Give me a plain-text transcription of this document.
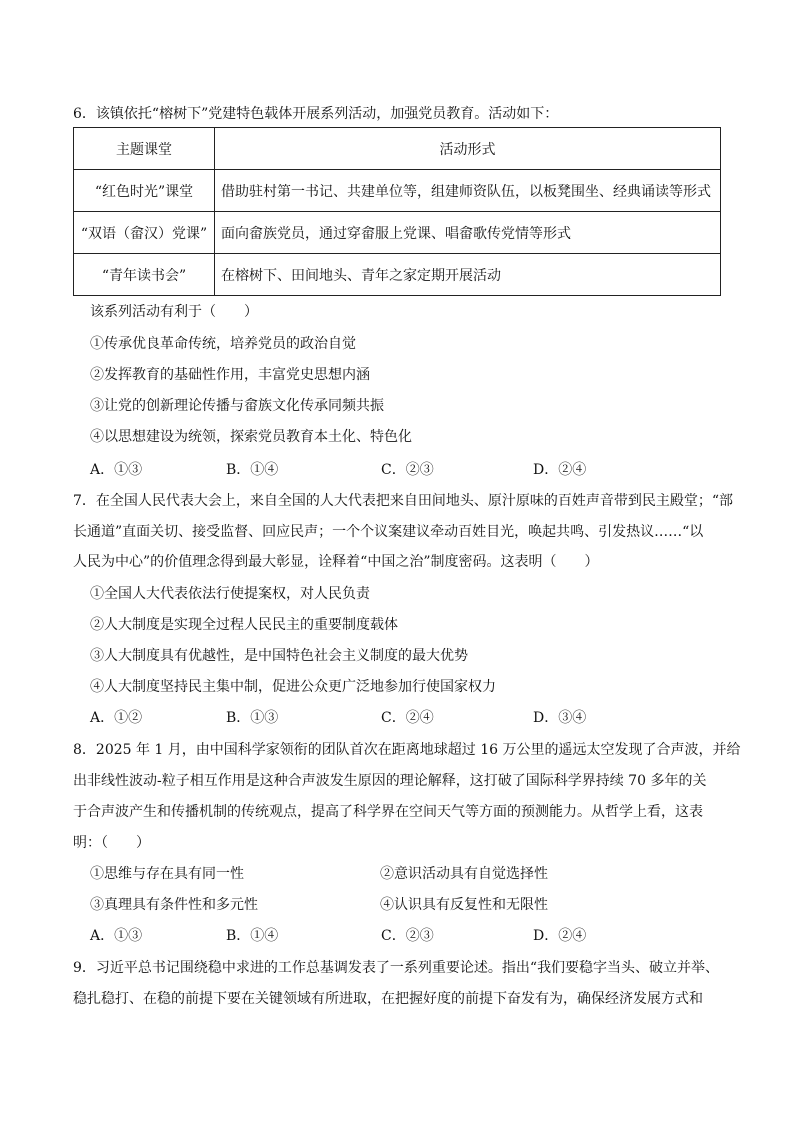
6．该镇依托“榕树下”党建特色载体开展系列活动，加强党员教育。活动如下：
主题课堂	活动形式
“红色时光”课堂	借助驻村第一书记、共建单位等，组建师资队伍，以板凳围坐、经典诵读等形式
“双语（畲汉）党课”	面向畲族党员，通过穿畲服上党课、唱畲歌传党情等形式
“青年读书会”	在榕树下、田间地头、青年之家定期开展活动
该系列活动有利于（　　）
①传承优良革命传统，培养党员的政治自觉
②发挥教育的基础性作用，丰富党史思想内涵
③让党的创新理论传播与畲族文化传承同频共振
④以思想建设为统领，探索党员教育本土化、特色化
A．①③	B．①④	C．②③	D．②④
7．在全国人民代表大会上，来自全国的人大代表把来自田间地头、原汁原味的百姓声音带到民主殿堂；“部
长通道”直面关切、接受监督、回应民声；一个个议案建议牵动百姓目光，唤起共鸣、引发热议……“以
人民为中心”的价值理念得到最大彰显，诠释着“中国之治”制度密码。这表明（　　）
①全国人大代表依法行使提案权，对人民负责
②人大制度是实现全过程人民民主的重要制度载体
③人大制度具有优越性，是中国特色社会主义制度的最大优势
④人大制度坚持民主集中制，促进公众更广泛地参加行使国家权力
A．①②	B．①③	C．②④	D．③④
8．2025 年 1 月，由中国科学家领衔的团队首次在距离地球超过 16 万公里的遥远太空发现了合声波，并给
出非线性波动-粒子相互作用是这种合声波发生原因的理论解释，这打破了国际科学界持续 70 多年的关
于合声波产生和传播机制的传统观点，提高了科学界在空间天气等方面的预测能力。从哲学上看，这表
明：（　　）
①思维与存在具有同一性	②意识活动具有自觉选择性
③真理具有条件性和多元性	④认识具有反复性和无限性
A．①③	B．①④	C．②③	D．②④
9．习近平总书记围绕稳中求进的工作总基调发表了一系列重要论述。指出“我们要稳字当头、破立并举、
稳扎稳打、在稳的前提下要在关键领域有所进取，在把握好度的前提下奋发有为，确保经济发展方式和
